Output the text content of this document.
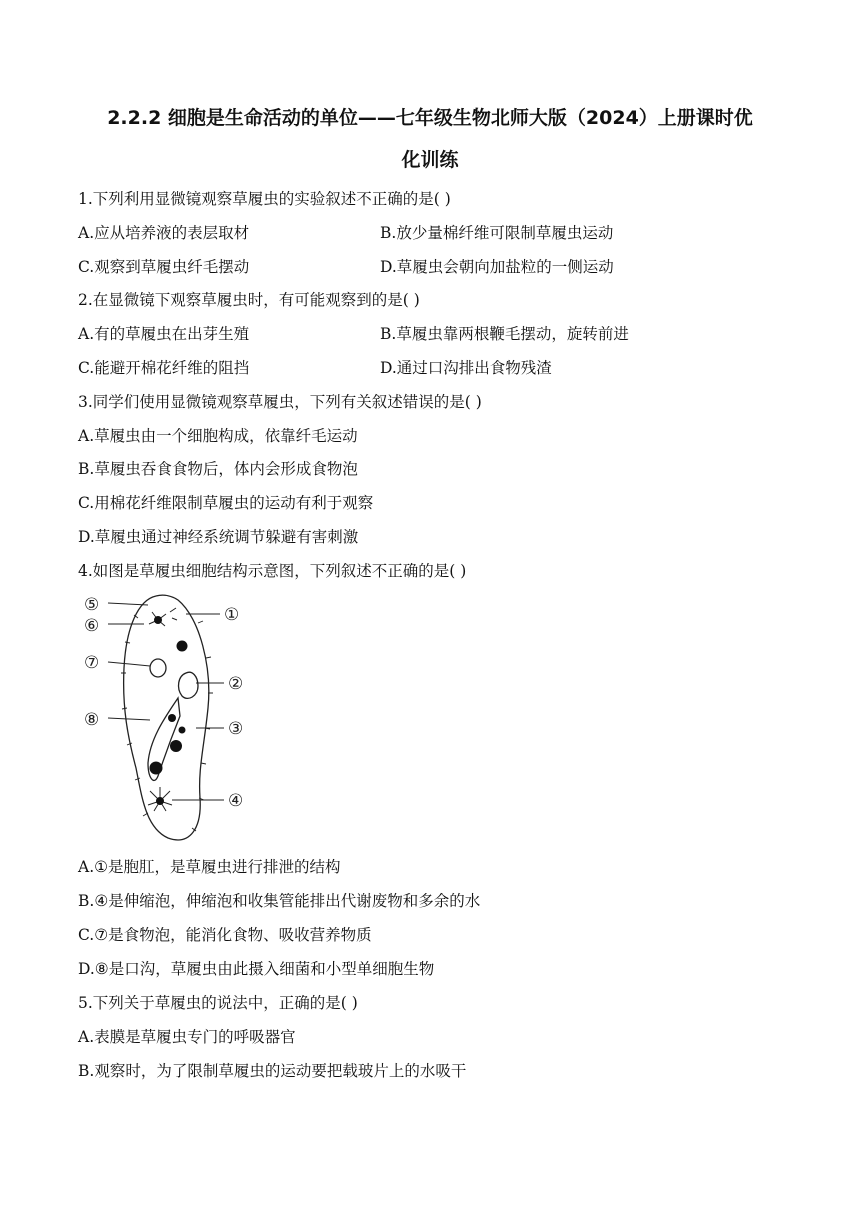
2.2.2 细胞是生命活动的单位——七年级生物北师大版（2024）上册课时优
化训练
1.下列利用显微镜观察草履虫的实验叙述不正确的是( )
A.应从培养液的表层取材	B.放少量棉纤维可限制草履虫运动
C.观察到草履虫纤毛摆动	D.草履虫会朝向加盐粒的一侧运动
2.在显微镜下观察草履虫时，有可能观察到的是( )
A.有的草履虫在出芽生殖	B.草履虫靠两根鞭毛摆动，旋转前进
C.能避开棉花纤维的阻挡	D.通过口沟排出食物残渣
3.同学们使用显微镜观察草履虫，下列有关叙述错误的是( )
A.草履虫由一个细胞构成，依靠纤毛运动
B.草履虫吞食食物后，体内会形成食物泡
C.用棉花纤维限制草履虫的运动有利于观察
D.草履虫通过神经系统调节躲避有害刺激
4.如图是草履虫细胞结构示意图，下列叙述不正确的是( )
⑤
⑥
⑦
⑧
①
②
③
④
A.①是胞肛，是草履虫进行排泄的结构
B.④是伸缩泡，伸缩泡和收集管能排出代谢废物和多余的水
C.⑦是食物泡，能消化食物、吸收营养物质
D.⑧是口沟，草履虫由此摄入细菌和小型单细胞生物
5.下列关于草履虫的说法中，正确的是( )
A.表膜是草履虫专门的呼吸器官
B.观察时，为了限制草履虫的运动要把载玻片上的水吸干
